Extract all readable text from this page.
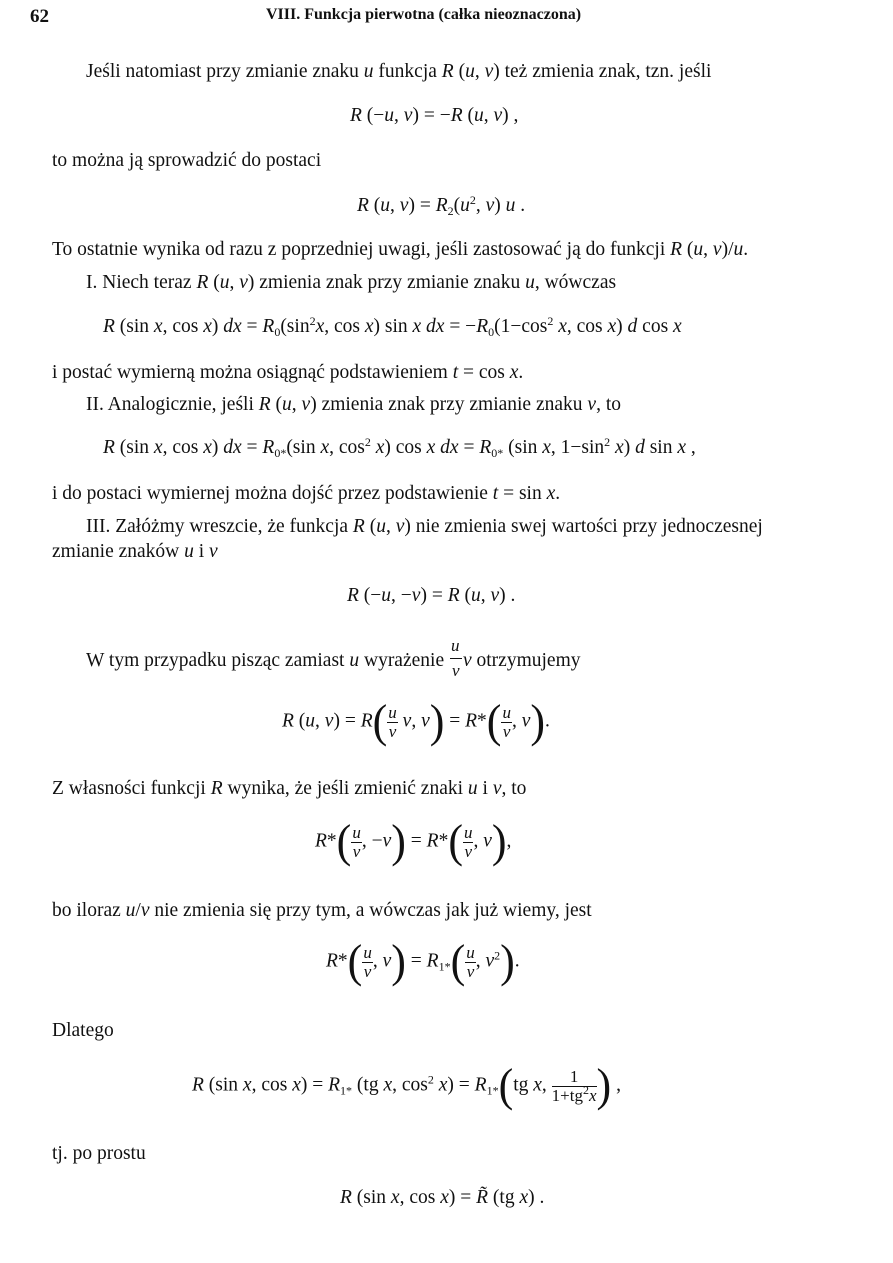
62	VIII. Funkcja pierwotna (całka nieoznaczona)
Jeśli natomiast przy zmianie znaku u funkcja R (u, v) też zmienia znak, tzn. jeśli
R (−u, v) = −R (u, v) ,
to można ją sprowadzić do postaci
R (u, $v) = R_2(u^2$, v) u .
To ostatnie wynika od razu z poprzedniej uwagi, jeśli zastosować ją do funkcji R (u, v)/u.
I. Niech teraz R (u, v) zmienia znak przy zmianie znaku u, wówczas
R (sin x, cos x) dx = $R_0(\sin^2x$, cos x) sin x dx = $-R_0(1-\cos^2$ x, cos x) d cos x
i postać wymierną można osiągnąć podstawieniem t = cos x.
II. Analogicznie, jeśli R (u, v) zmienia znak przy zmianie znaku v, to
R (sin x, cos x) dx = $R_{0*}(\sin$ x, $\cos^2 x$) cos x dx = $R_{0*}$ (sin x, $1-\sin^2$ x) d sin x ,
i do postaci wymiernej można dojść przez podstawienie t = sin x.
III. Załóżmy wreszcie, że funkcja R (u, v) nie zmienia swej wartości przy jednoczesnej
zmianie znaków u i v
R (−u, −v) = R (u, v) .
W tym przypadku pisząc zamiast u wyrażenie $\frac{u}{v}$ v otrzymujemy
R (u, $v) = R( \frac{u}{v} v$, $v) = R*( \frac{u}{v}$ , v).
Z własności funkcji R wynika, że jeśli zmienić znaki u i v, to
$R*( \frac{u}{v}$ , $-v) = R*( \frac{u}{v}$ , v),
bo iloraz u/v nie zmienia się przy tym, a wówczas jak już wiemy, jest
$R*( \frac{u}{v}$ , $v) = R_{1*}( \frac{u}{v}$ , $v^2$).
Dlatego
R (sin x, $\cos x) = R_{1*}$ (tg x, $\cos^2 x) = R_{1*}(tg$ x, $\frac{1}{1+tg^2x}$ ) ,
tj. po prostu
R (sin x, cos x) = R̃ (tg x) .
